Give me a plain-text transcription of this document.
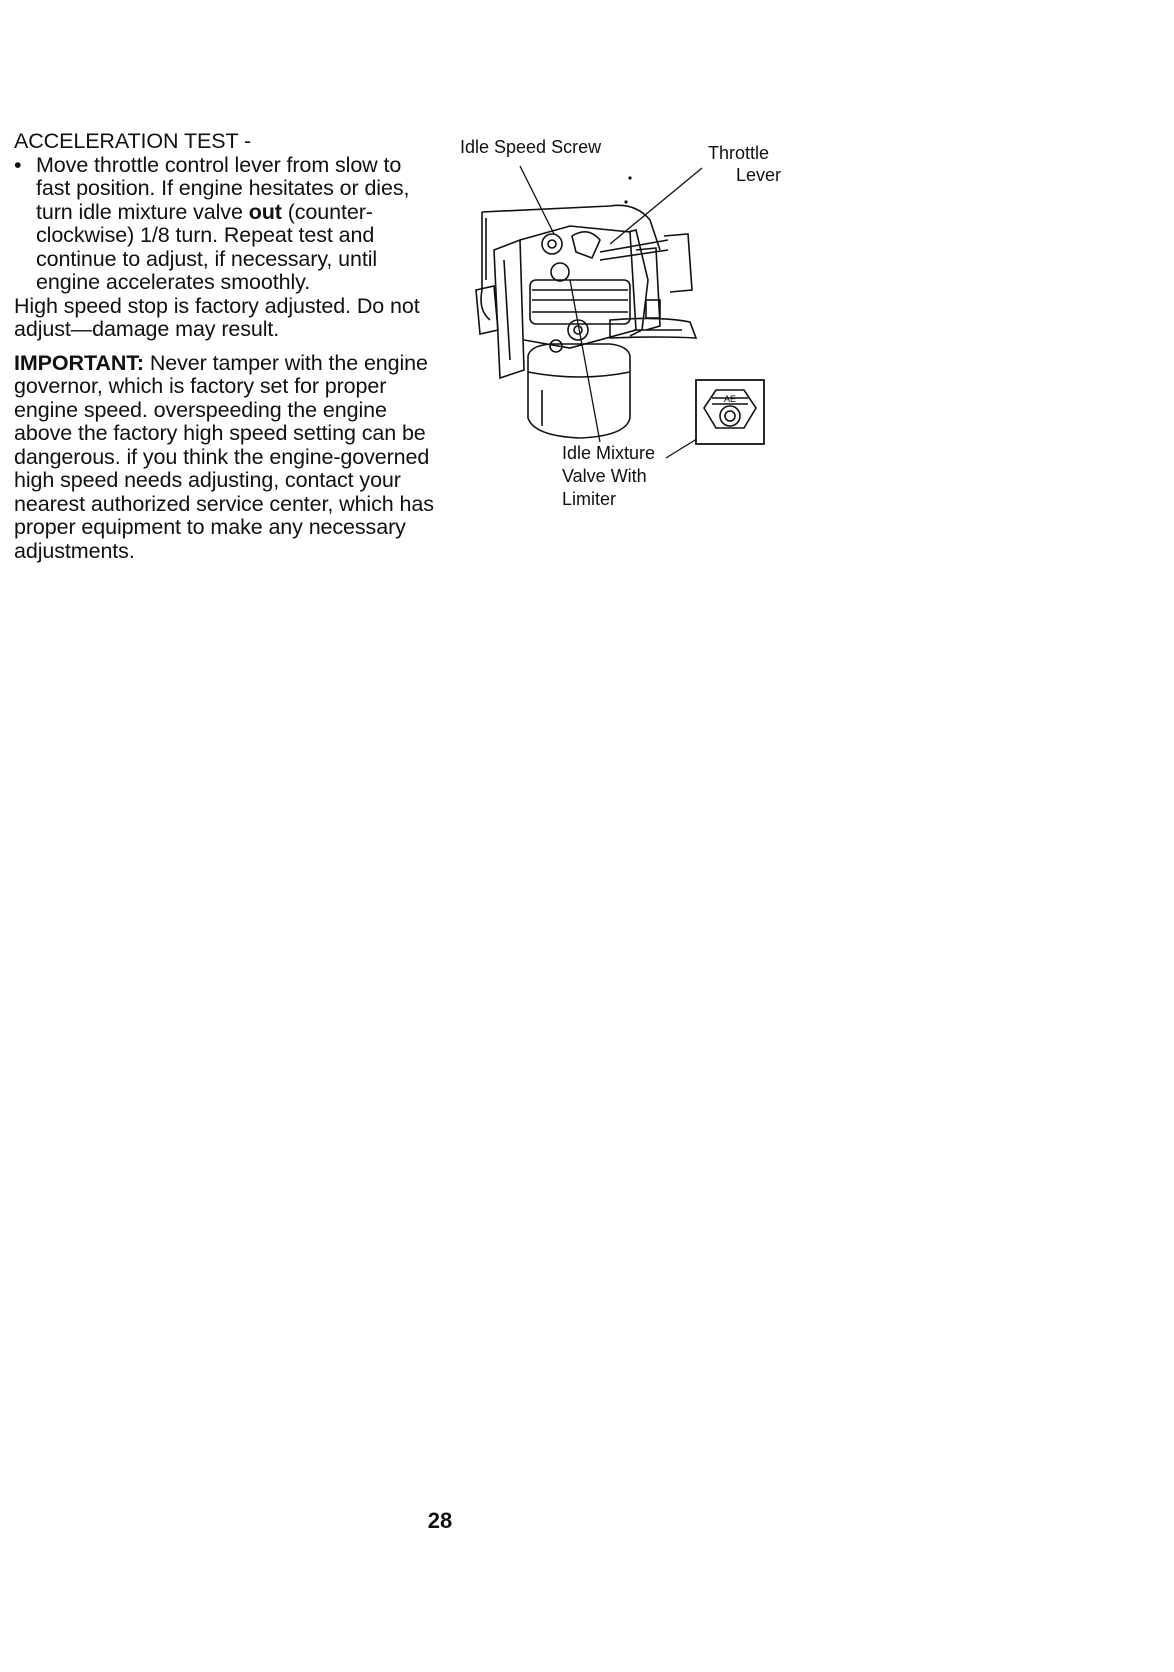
ACCELERATION TEST -

• Move throttle control lever from slow to fast position. If engine hesitates or dies, turn idle mixture valve out (counter-clockwise) 1/8 turn. Repeat test and continue to adjust, if necessary, until engine accelerates smoothly.

High speed stop is factory adjusted. Do not adjust—damage may result.

IMPORTANT: Never tamper with the engine governor, which is factory set for proper engine speed. overspeeding the engine above the factory high speed setting can be dangerous. if you think the engine-governed high speed needs adjusting, contact your nearest authorized service center, which has proper equipment to make any necessary adjustments.

AE
Idle Speed Screw	Throttle
Lever
Idle Mixture
Valve With
Limiter
28
